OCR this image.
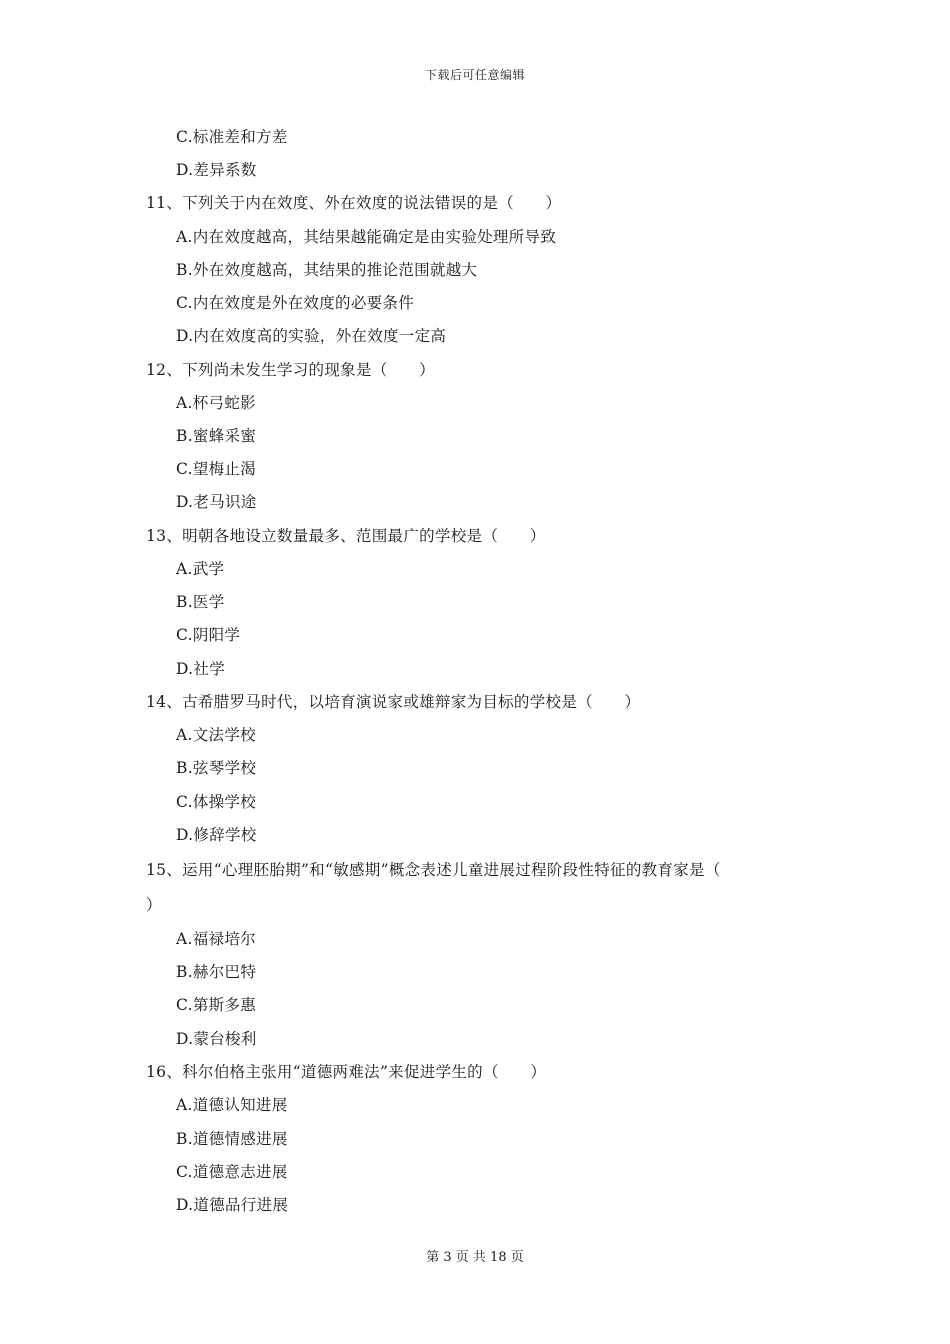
下载后可任意编辑
C.标准差和方差
D.差异系数
11、下列关于内在效度、外在效度的说法错误的是（　　）
A.内在效度越高，其结果越能确定是由实验处理所导致
B.外在效度越高，其结果的推论范围就越大
C.内在效度是外在效度的必要条件
D.内在效度高的实验，外在效度一定高
12、下列尚未发生学习的现象是（　　）
A.杯弓蛇影
B.蜜蜂采蜜
C.望梅止渴
D.老马识途
13、明朝各地设立数量最多、范围最广的学校是（　　）
A.武学
B.医学
C.阴阳学
D.社学
14、古希腊罗马时代，以培育演说家或雄辩家为目标的学校是（　　）
A.文法学校
B.弦琴学校
C.体操学校
D.修辞学校
15、运用“心理胚胎期”和“敏感期”概念表述儿童进展过程阶段性特征的教育家是（
）
A.福禄培尔
B.赫尔巴特
C.第斯多惠
D.蒙台梭利
16、科尔伯格主张用“道德两难法”来促进学生的（　　）
A.道德认知进展
B.道德情感进展
C.道德意志进展
D.道德品行进展
第 3 页 共 18 页
